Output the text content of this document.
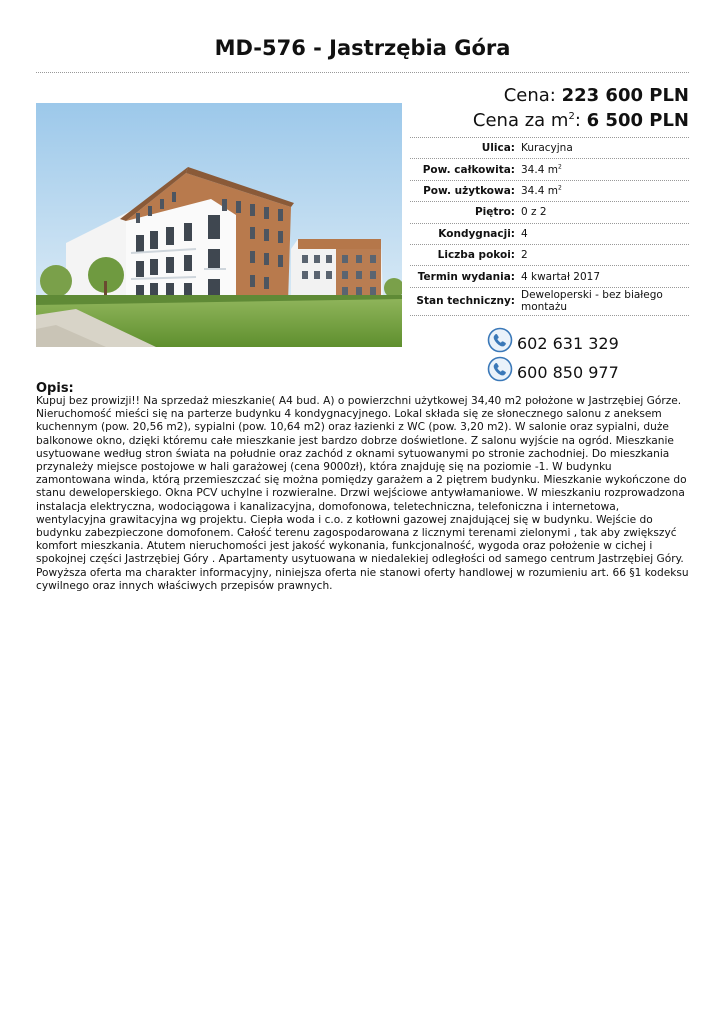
MD-576 - Jastrzębia Góra
Cena: 223 600 PLN
Cena za $m^2$: 6 500 PLN
Ulica: Kuracyjna
Pow. całkowita: 34.4 $m^2$
Pow. użytkowa: 34.4 $m^2$
Piętro: 0 z 2
Kondygnacji: 4
Liczba pokoi: 2
Termin wydania: 4 kwartał 2017
Stan techniczny: Deweloperski - bez białego montażu
602 631 329
600 850 977
Opis:

Kupuj bez prowizji!! Na sprzedaż mieszkanie( A4 bud. A) o powierzchni użytkowej 34,40 m2 położone w Jastrzębiej Górze. Nieruchomość mieści się na parterze budynku 4 kondygnacyjnego. Lokal składa się ze słonecznego salonu z aneksem kuchennym (pow. 20,56 m2), sypialni (pow. 10,64 m2) oraz łazienki z WC (pow. 3,20 m2). W salonie oraz sypialni, duże balkonowe okno, dzięki któremu całe mieszkanie jest bardzo dobrze doświetlone. Z salonu wyjście na ogród. Mieszkanie usytuowane według stron świata na południe oraz zachód z oknami sytuowanymi po stronie zachodniej. Do mieszkania przynależy miejsce postojowe w hali garażowej (cena 9000zł), która znajduję się na poziomie -1. W budynku zamontowana winda, którą przemieszczać się można pomiędzy garażem a 2 piętrem budynku. Mieszkanie wykończone do stanu deweloperskiego. Okna PCV uchylne i rozwieralne. Drzwi wejściowe antywłamaniowe. W mieszkaniu rozprowadzona instalacja elektryczna, wodociągowa i kanalizacyjna, domofonowa, teletechniczna, telefoniczna i internetowa, wentylacyjna grawitacyjna wg projektu. Ciepła woda i c.o. z kotłowni gazowej znajdującej się w budynku. Wejście do budynku zabezpieczone domofonem. Całość terenu zagospodarowana z licznymi terenami zielonymi , tak aby zwiększyć komfort mieszkania. Atutem nieruchomości jest jakość wykonania, funkcjonalność, wygoda oraz położenie w cichej i spokojnej części Jastrzębiej Góry . Apartamenty usytuowana w niedalekiej odległości od samego centrum Jastrzębiej Góry. Powyższa oferta ma charakter informacyjny, niniejsza oferta nie stanowi oferty handlowej w rozumieniu art. 66 §1 kodeksu cywilnego oraz innych właściwych przepisów prawnych.
